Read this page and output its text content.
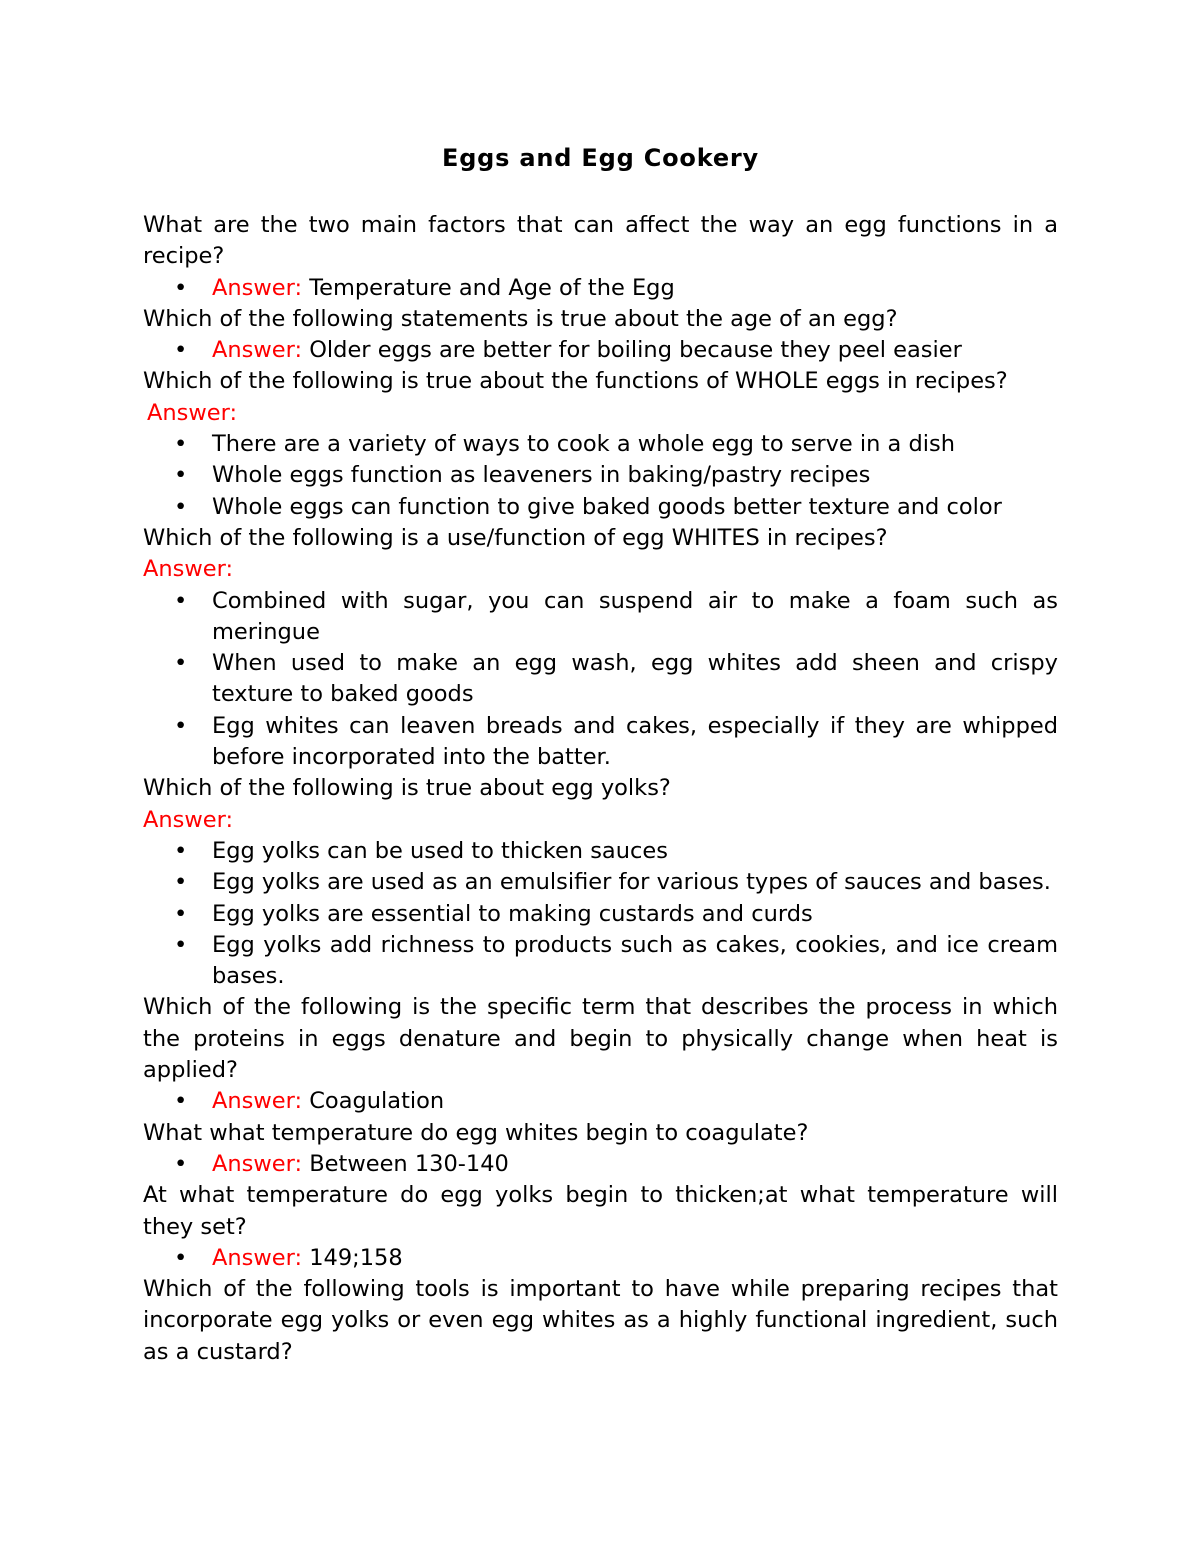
Eggs and Egg Cookery

What are the two main factors that can affect the way an egg functions in a recipe?

• Answer: Temperature and Age of the Egg

Which of the following statements is true about the age of an egg?

• Answer: Older eggs are better for boiling because they peel easier

Which of the following is true about the functions of WHOLE eggs in recipes?

Answer:

• There are a variety of ways to cook a whole egg to serve in a dish
• Whole eggs function as leaveners in baking/pastry recipes
• Whole eggs can function to give baked goods better texture and color

Which of the following is a use/function of egg WHITES in recipes?

Answer:

• Combined with sugar, you can suspend air to make a foam such as meringue
• When used to make an egg wash, egg whites add sheen and crispy texture to baked goods
• Egg whites can leaven breads and cakes, especially if they are whipped before incorporated into the batter.

Which of the following is true about egg yolks?

Answer:

• Egg yolks can be used to thicken sauces
• Egg yolks are used as an emulsifier for various types of sauces and bases.
• Egg yolks are essential to making custards and curds
• Egg yolks add richness to products such as cakes, cookies, and ice cream bases.

Which of the following is the specific term that describes the process in which the proteins in eggs denature and begin to physically change when heat is applied?

• Answer: Coagulation

What what temperature do egg whites begin to coagulate?

• Answer: Between 130-140

At what temperature do egg yolks begin to thicken;at what temperature will they set?

• Answer: 149;158

Which of the following tools is important to have while preparing recipes that incorporate egg yolks or even egg whites as a highly functional ingredient, such as a custard?
